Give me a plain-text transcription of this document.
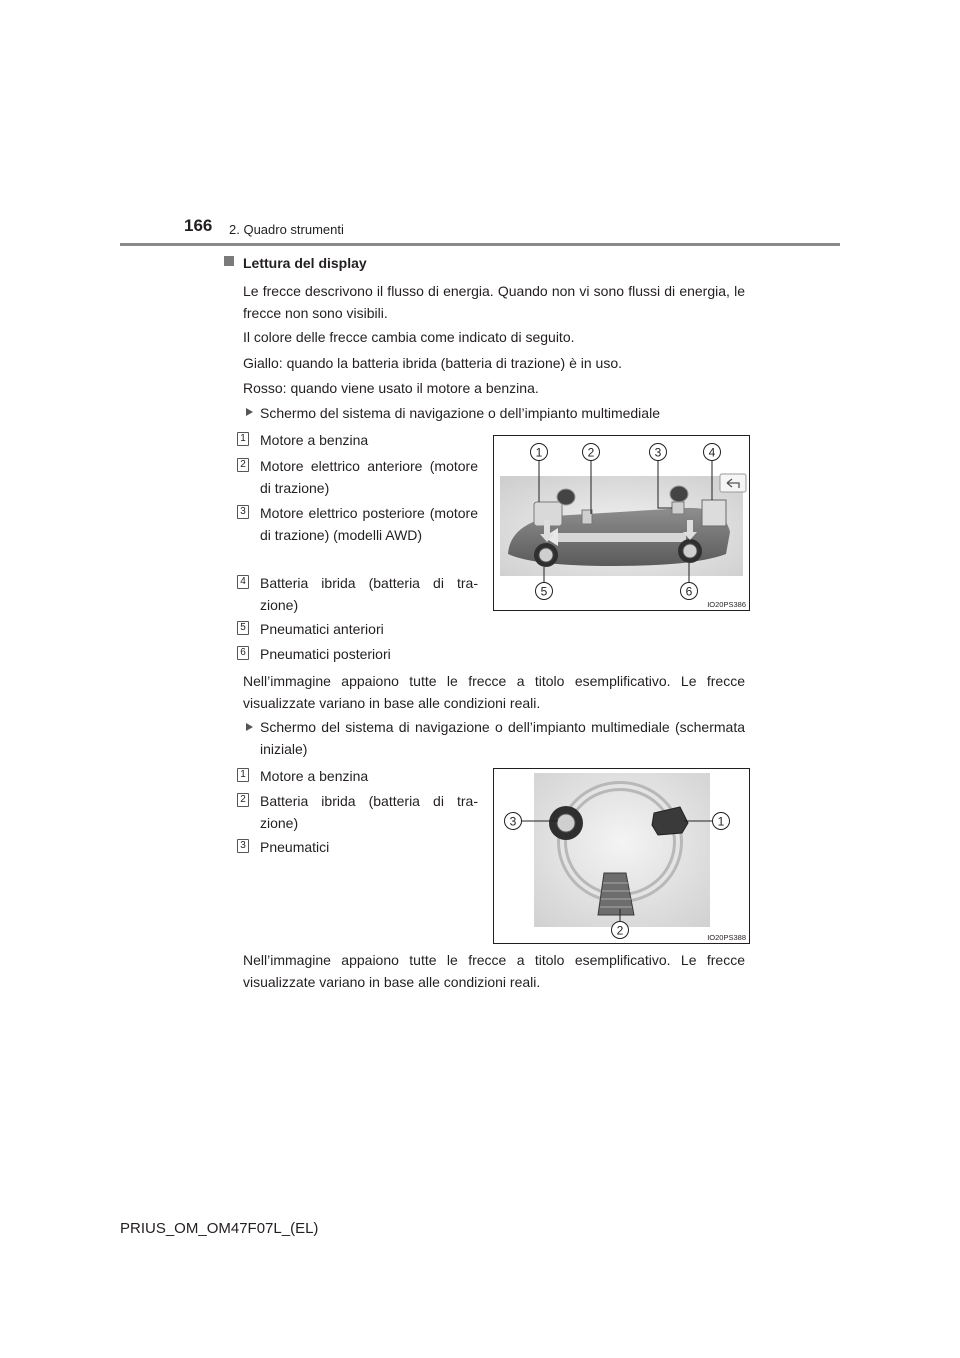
166 2. Quadro strumenti
Lettura del display
Le frecce descrivono il flusso di energia. Quando non vi sono flussi di energia, le frecce non sono visibili.
Il colore delle frecce cambia come indicato di seguito.
Giallo: quando la batteria ibrida (batteria di trazione) è in uso.
Rosso: quando viene usato il motore a benzina.
Schermo del sistema di navigazione o dell’impianto multimediale
1 Motore a benzina
2 Motore elettrico anteriore (motore di trazione)
3 Motore elettrico posteriore (motore di trazione) (modelli AWD)
4 Batteria ibrida (batteria di tra- zione)
5 Pneumatici anteriori
6 Pneumatici posteriori
1	2	3	4
5	6
IO20PS386
Nell’immagine appaiono tutte le frecce a titolo esemplificativo. Le frecce visualizzate variano in base alle condizioni reali.
Schermo del sistema di navigazione o dell’impianto multimediale (schermata iniziale)
1 Motore a benzina
2 Batteria ibrida (batteria di tra- zione)
3 Pneumatici
3	1
2	IO20PS388
Nell’immagine appaiono tutte le frecce a titolo esemplificativo. Le frecce visualizzate variano in base alle condizioni reali.
PRIUS_OM_OM47F07L_(EL)
